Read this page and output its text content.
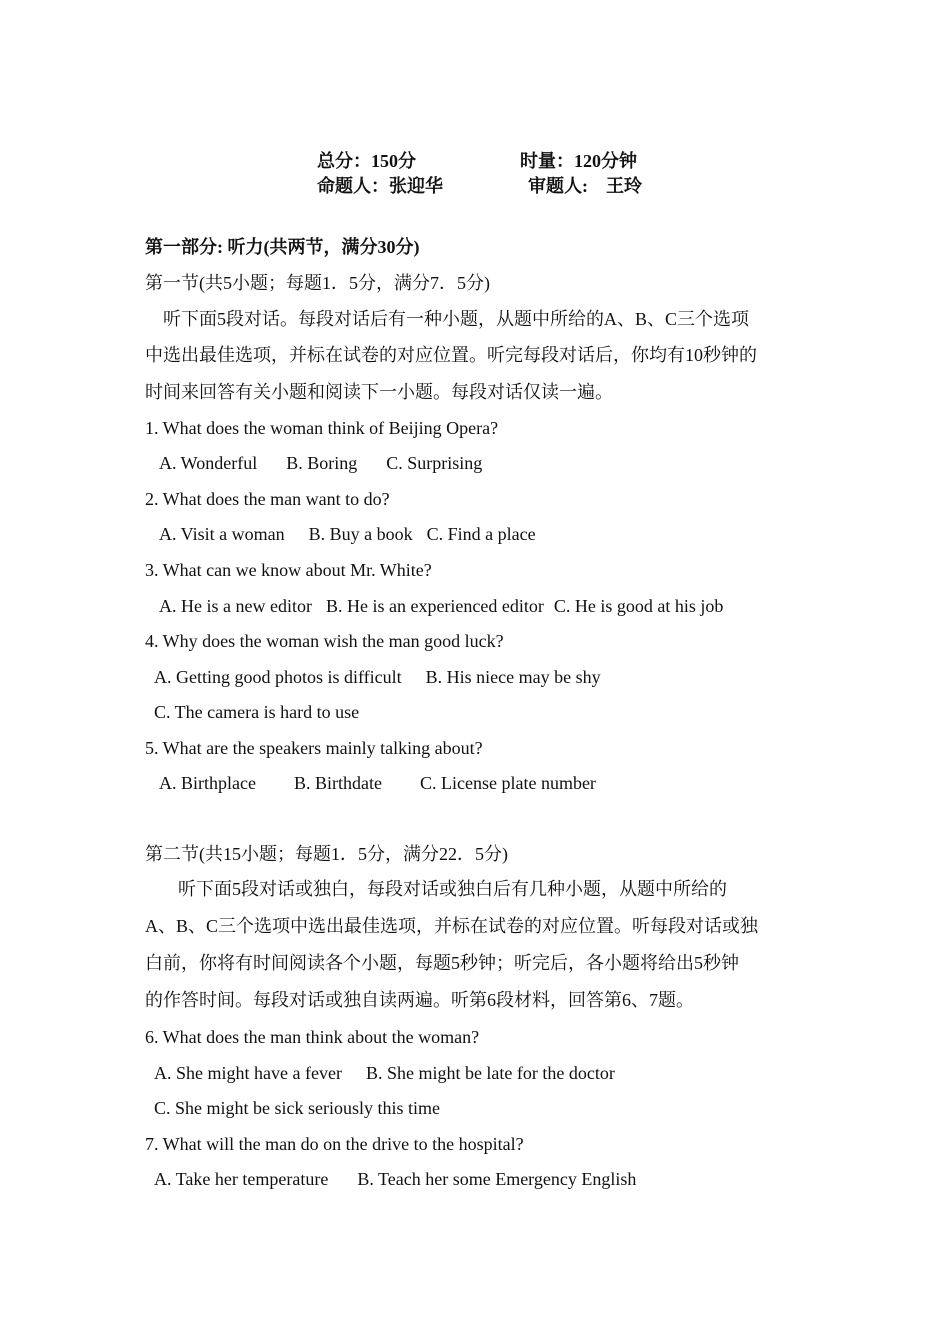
总分：150分	时量：120分钟
命题人：张迎华	审题人:　王玲
第一部分: 听力(共两节，满分30分)
第一节(共5小题；每题1．5分，满分7．5分)
听下面5段对话。每段对话后有一种小题，从题中所给的A、B、C三个选项
中选出最佳选项，并标在试卷的对应位置。听完每段对话后，你均有10秒钟的
时间来回答有关小题和阅读下一小题。每段对话仅读一遍。
1. What does the woman think of Beijing Opera?
A. Wonderful B. Boring C. Surprising
2. What does the man want to do?
A. Visit a woman B. Buy a book C. Find a place
3. What can we know about Mr. White?
A. He is a new editor B. He is an experienced editor C. He is good at his job
4. Why does the woman wish the man good luck?
A. Getting good photos is difficult B. His niece may be shy
C. The camera is hard to use
5. What are the speakers mainly talking about?
A. Birthplace B. Birthdate C. License plate number
第二节(共15小题；每题1．5分，满分22．5分)
听下面5段对话或独白，每段对话或独白后有几种小题，从题中所给的
A、B、C三个选项中选出最佳选项，并标在试卷的对应位置。听每段对话或独
白前，你将有时间阅读各个小题，每题5秒钟；听完后，各小题将给出5秒钟
的作答时间。每段对话或独自读两遍。听第6段材料，回答第6、7题。
6. What does the man think about the woman?
A. She might have a fever B. She might be late for the doctor
C. She might be sick seriously this time
7. What will the man do on the drive to the hospital?
A. Take her temperature B. Teach her some Emergency English
